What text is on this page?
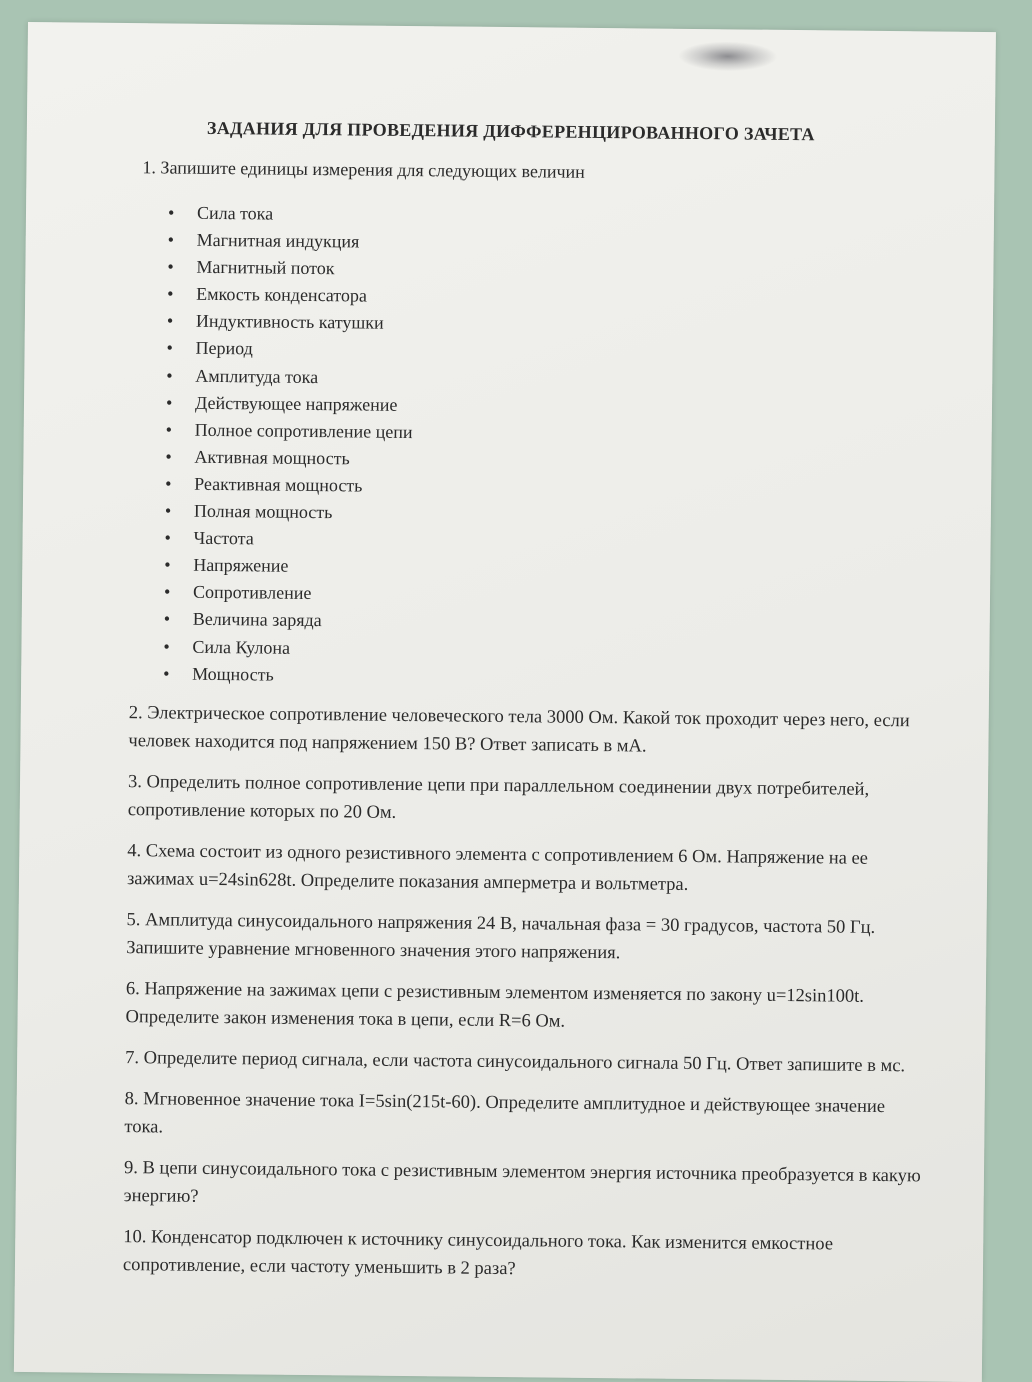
ЗАДАНИЯ ДЛЯ ПРОВЕДЕНИЯ ДИФФЕРЕНЦИРОВАННОГО ЗАЧЕТА
1. Запишите единицы измерения для следующих величин
• Сила тока
• Магнитная индукция
• Магнитный поток
• Емкость конденсатора
• Индуктивность катушки
• Период
• Амплитуда тока
• Действующее напряжение
• Полное сопротивление цепи
• Активная мощность
• Реактивная мощность
• Полная мощность
• Частота
• Напряжение
• Сопротивление
• Величина заряда
• Сила Кулона
• Мощность

2. Электрическое сопротивление человеческого тела 3000 Ом. Какой ток проходит через него, если человек находится под напряжением 150 В? Ответ записать в мА.

3. Определить полное сопротивление цепи при параллельном соединении двух потребителей, сопротивление которых по 20 Ом.

4. Схема состоит из одного резистивного элемента с сопротивлением 6 Ом. Напряжение на ее зажимах u=24sin628t. Определите показания амперметра и вольтметра.

5. Амплитуда синусоидального напряжения 24 В, начальная фаза = 30 градусов, частота 50 Гц. Запишите уравнение мгновенного значения этого напряжения.

6. Напряжение на зажимах цепи с резистивным элементом изменяется по закону u=12sin100t. Определите закон изменения тока в цепи, если R=6 Ом.

7. Определите период сигнала, если частота синусоидального сигнала 50 Гц. Ответ запишите в мс.

8. Мгновенное значение тока I=5sin(215t-60). Определите амплитудное и действующее значение тока.

9. В цепи синусоидального тока с резистивным элементом энергия источника преобразуется в какую энергию?

10. Конденсатор подключен к источнику синусоидального тока. Как изменится емкостное сопротивление, если частоту уменьшить в 2 раза?
